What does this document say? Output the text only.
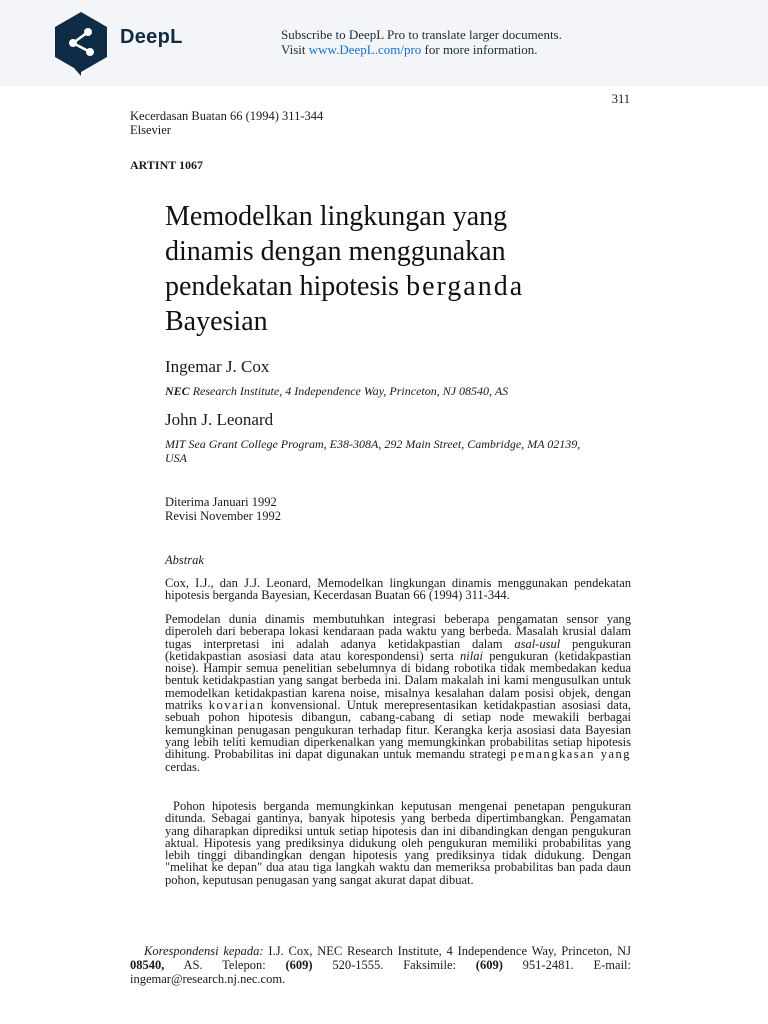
DeepL	Subscribe to DeepL Pro to translate larger documents.
Visit www.DeepL.com/pro for more information.
311
Kecerdasan Buatan 66 (1994) 311-344
Elsevier
ARTINT 1067
Memodelkan lingkungan yang
dinamis dengan menggunakan
pendekatan hipotesis berganda
Bayesian
Ingemar J. Cox
NEC Research Institute, 4 Independence Way, Princeton, NJ 08540, AS
John J. Leonard
MIT Sea Grant College Program, E38-308A, 292 Main Street, Cambridge, MA 02139,
USA
Diterima Januari 1992
Revisi November 1992
Abstrak
Cox, I.J., dan J.J. Leonard, Memodelkan lingkungan dinamis menggunakan pendekatan hipotesis berganda Bayesian, Kecerdasan Buatan 66 (1994) 311-344.
Pemodelan dunia dinamis membutuhkan integrasi beberapa pengamatan sensor yang diperoleh dari beberapa lokasi kendaraan pada waktu yang berbeda. Masalah krusial dalam tugas interpretasi ini adalah adanya ketidakpastian dalam asal-usul pengukuran (ketidakpastian asosiasi data atau korespondensi) serta nilai pengukuran (ketidakpastian noise). Hampir semua penelitian sebelumnya di bidang robotika tidak membedakan kedua bentuk ketidakpastian yang sangat berbeda ini. Dalam makalah ini kami mengusulkan untuk memodelkan ketidakpastian karena noise, misalnya kesalahan dalam posisi objek, dengan matriks kovarian konvensional. Untuk merepresentasikan ketidakpastian asosiasi data, sebuah pohon hipotesis dibangun, cabang-cabang di setiap node mewakili berbagai kemungkinan penugasan pengukuran terhadap fitur. Kerangka kerja asosiasi data Bayesian yang lebih teliti kemudian diperkenalkan yang memungkinkan probabilitas setiap hipotesis dihitung. Probabilitas ini dapat digunakan untuk memandu strategi pemangkasan yang cerdas.
Pohon hipotesis berganda memungkinkan keputusan mengenai penetapan pengukuran ditunda. Sebagai gantinya, banyak hipotesis yang berbeda dipertimbangkan. Pengamatan yang diharapkan diprediksi untuk setiap hipotesis dan ini dibandingkan dengan pengukuran aktual. Hipotesis yang prediksinya didukung oleh pengukuran memiliki probabilitas yang lebih tinggi dibandingkan dengan hipotesis yang prediksinya tidak didukung. Dengan "melihat ke depan" dua atau tiga langkah waktu dan memeriksa probabilitas ban pada daun pohon, keputusan penugasan yang sangat akurat dapat dibuat.
Korespondensi kepada: I.J. Cox, NEC Research Institute, 4 Independence Way, Princeton, NJ 08540, AS. Telepon: (609) 520-1555. Faksimile: (609) 951-2481. E-mail: ingemar@research.nj.nec.com.
